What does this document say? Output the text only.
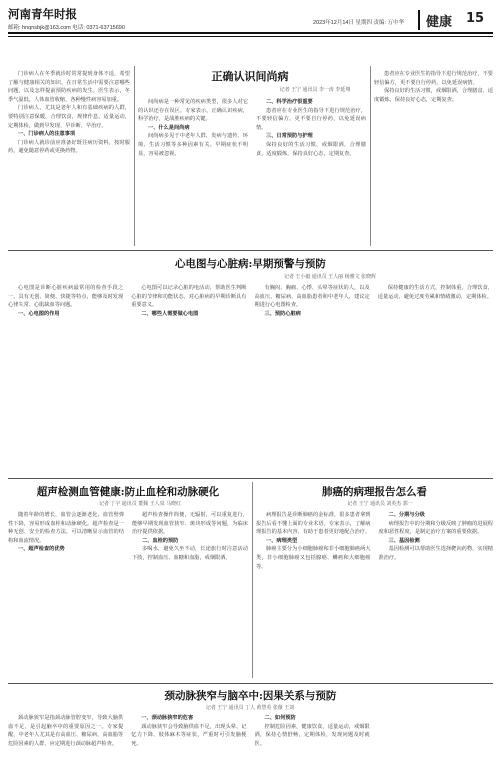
河南青年时报
邮箱: hnqnsbjk@163.com 电话: 0371-63715690
2023年12月14日 星期四 责编: 万中华 健康 15

门诊病人在冬季就诊时常常提到身体不适，希望了解与健康相关的知识，在日常生活中需要注意哪些问题，以及怎样提前预防疾病的发生。医生表示，冬季气温低，人体血管收缩，各种慢性病容易加重。

门诊病人，尤其是老年人和有基础疾病的人群，要特别注意保暖，合理饮食，规律作息，适量运动，定期体检，做到早发现、早诊断、早治疗。

一、门诊病人的注意事项

门诊病人就诊前应准备好既往病历资料，按时服药，避免随意停药或更换药物。

正确认识间尚病
记者 王宁 通讯员 李一涛 李延翔

间尚病是一种常见的疾病类型，很多人对它的认识还存在误区。专家表示，正确认识疾病，科学治疗，是战胜疾病的关键。

一、什么是间尚病

间尚病多见于中老年人群，发病与遗传、环境、生活习惯等多种因素有关。早期症状不明显，容易被忽视。

二、科学治疗很重要

患者应在专业医生的指导下进行规范治疗，不要轻信偏方，更不要自行停药，以免延误病情。

三、日常预防与护理

保持良好的生活习惯，戒烟限酒，合理膳食，适度锻炼，保持良好心态，定期复查。

患者应在专业医生的指导下进行规范治疗，不要轻信偏方，更不要自行停药，以免延误病情。

保持良好的生活习惯，戒烟限酒，合理膳食，适度锻炼，保持良好心态，定期复查。

心电图与心脏病:早期预警与预防
记者 王小毅 通讯员 王人丽 杨雅文 张晓辉

心电图是诊断心脏疾病最常用的检查手段之一，具有无创、简便、快捷等特点，能够及时发现心律失常、心肌缺血等问题。

一、心电图的作用

心电图可以记录心脏的电活动，帮助医生判断心脏的节律和功能状态，对心脏病的早期诊断具有重要意义。

二、哪些人需要做心电图

有胸闷、胸痛、心悸、头晕等症状的人，以及高血压、糖尿病、高血脂患者和中老年人，建议定期进行心电图检查。

三、预防心脏病

保持健康的生活方式，控制体重，合理饮食，适量运动，避免过度劳累和情绪激动，定期体检。

超声检测血管健康:防止血栓和动脉硬化
记者 丁宇 通讯员 董佩 王人泉 马晓红

随着年龄的增长，血管会逐渐老化，血管壁弹性下降，容易形成血栓和动脉硬化。超声检查是一种无创、安全的检查方法，可以清晰显示血管的结构和血流情况。

一、超声检查的优势

超声检查操作简便，无辐射，可以重复进行，能够早期发现血管狭窄、斑块形成等问题，为临床治疗提供依据。

二、血栓的预防

多喝水，避免久坐不动，长途旅行时注意活动下肢，控制血压、血糖和血脂，戒烟限酒。

肺癌的病理报告怎么看
记者 王宁 通讯员 刘英杰 郭一

病理报告是诊断肺癌的金标准，很多患者拿到报告后看不懂上面的专业术语。专家表示，了解病理报告的基本内容，有助于患者更好地配合治疗。

一、病理类型

肺癌主要分为小细胞肺癌和非小细胞肺癌两大类，非小细胞肺癌又包括腺癌、鳞癌和大细胞癌等。

二、分期与分级

病理报告中的分期和分级反映了肿瘤的进展程度和恶性程度，是制定治疗方案的重要依据。

三、基因检测

基因检测可以帮助医生选择靶向药物，实现精准治疗。

颈动脉狭窄与脑卒中:因果关系与预防
记者 王宁 通讯员 丁人 黄慧英 张薇 王刘

颈动脉狭窄是指颈动脉管腔变窄，导致大脑供血不足，是引起脑卒中的重要原因之一。专家提醒，中老年人尤其是有高血压、糖尿病、高血脂等危险因素的人群，应定期进行颈动脉超声检查。

一、颈动脉狭窄的危害

颈动脉狭窄会导致脑供血不足，出现头晕、记忆力下降、肢体麻木等症状，严重时可引发脑梗死。

二、如何预防

控制危险因素，健康饮食，适量运动，戒烟限酒，保持心情舒畅，定期体检，发现问题及时就医。
